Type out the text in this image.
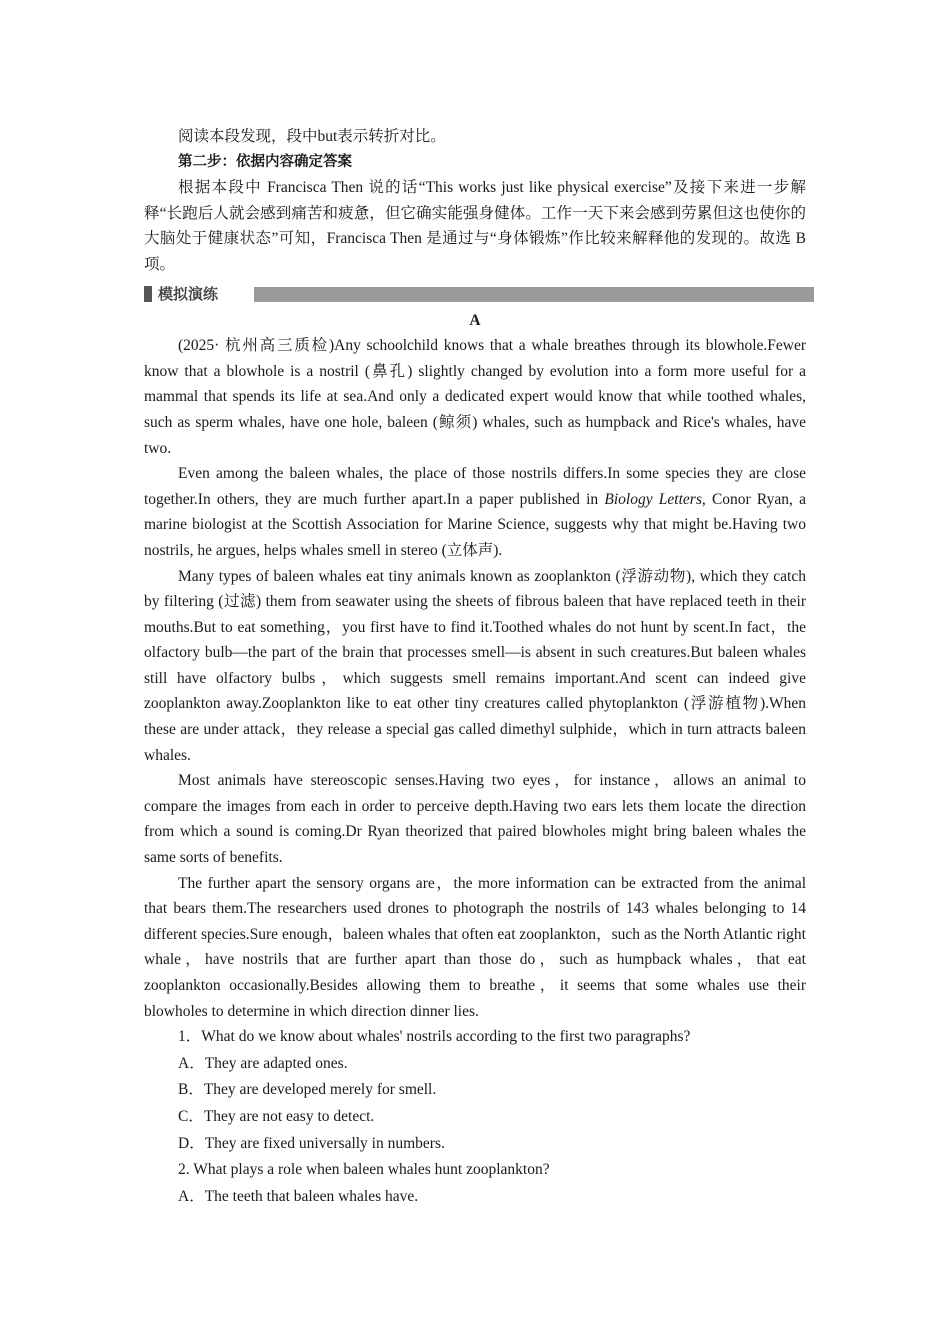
阅读本段发现，段中but表示转折对比。

第二步：依据内容确定答案

根据本段中 Francisca Then 说的话“This works just like physical exercise”及接下来进一步解释“长跑后人就会感到痛苦和疲惫，但它确实能强身健体。工作一天下来会感到劳累但这也使你的大脑处于健康状态”可知，Francisca Then 是通过与“身体锻炼”作比较来解释他的发现的。故选 B 项。

模拟演练

A

(2025· 杭州高三质检)Any schoolchild knows that a whale breathes through its blowhole.Fewer know that a blowhole is a nostril (鼻孔) slightly changed by evolution into a form more useful for a mammal that spends its life at sea.And only a dedicated expert would know that while toothed whales, such as sperm whales, have one hole, baleen (鲸须) whales, such as humpback and Rice's whales, have two.

Even among the baleen whales, the place of those nostrils differs.In some species they are close together.In others, they are much further apart.In a paper published in Biology Letters, Conor Ryan, a marine biologist at the Scottish Association for Marine Science, suggests why that might be.Having two nostrils, he argues, helps whales smell in stereo (立体声).

Many types of baleen whales eat tiny animals known as zooplankton (浮游动物), which they catch by filtering (过滤) them from seawater using the sheets of fibrous baleen that have replaced teeth in their mouths.But to eat something，you first have to find it.Toothed whales do not hunt by scent.In fact，the olfactory bulb—the part of the brain that processes smell—is absent in such creatures.But baleen whales still have olfactory bulbs，which suggests smell remains important.And scent can indeed give zooplankton away.Zooplankton like to eat other tiny creatures called phytoplankton (浮游植物).When these are under attack，they release a special gas called dimethyl sulphide，which in turn attracts baleen whales.

Most animals have stereoscopic senses.Having two eyes，for instance，allows an animal to compare the images from each in order to perceive depth.Having two ears lets them locate the direction from which a sound is coming.Dr Ryan theorized that paired blowholes might bring baleen whales the same sorts of benefits.

The further apart the sensory organs are，the more information can be extracted from the animal that bears them.The researchers used drones to photograph the nostrils of 143 whales belonging to 14 different species.Sure enough，baleen whales that often eat zooplankton，such as the North Atlantic right whale，have nostrils that are further apart than those do，such as humpback whales，that eat zooplankton occasionally.Besides allowing them to breathe，it seems that some whales use their blowholes to determine in which direction dinner lies.

1．What do we know about whales' nostrils according to the first two paragraphs?

A．They are adapted ones.

B．They are developed merely for smell.

C．They are not easy to detect.

D．They are fixed universally in numbers.

2. What plays a role when baleen whales hunt zooplankton?

A．The teeth that baleen whales have.
